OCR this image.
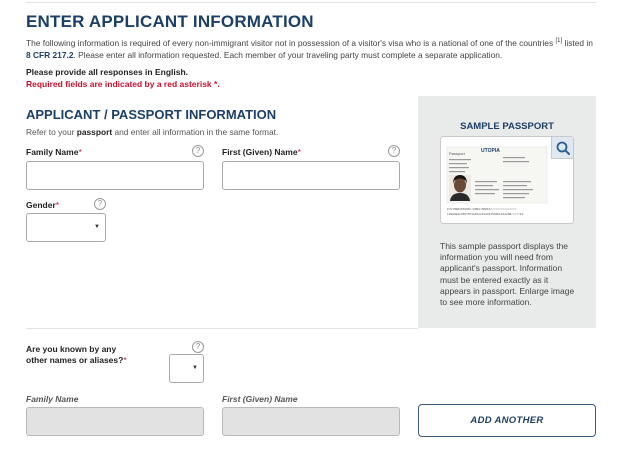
ENTER APPLICANT INFORMATION

The following information is required of every non-immigrant visitor not in possession of a visitor's visa who is a national of one of the countries [1] listed in 8 CFR 217.2. Please enter all information requested. Each member of your traveling party must complete a separate application.

Please provide all responses in English.

Required fields are indicated by a red asterisk *.

APPLICANT / PASSPORT INFORMATION

Refer to your passport and enter all information in the same format.

Family Name*	?	First (Given) Name*	?
Gender*	?
▼
SAMPLE PASSPORT
Passport	UTOPIA
P<UTOERIKSSON<<ANNA<MARIA<<<<<<<<<<<<<<<
L898902C36UTO7408122F1204159ZE184226B<<<<<10

This sample passport displays the information you will need from applicant's passport. Information must be entered exactly as it appears in passport. Enlarge image to see more information.

Are you known by any
other names or aliases?*
?
▼
Family Name	First (Given) Name
ADD ANOTHER
